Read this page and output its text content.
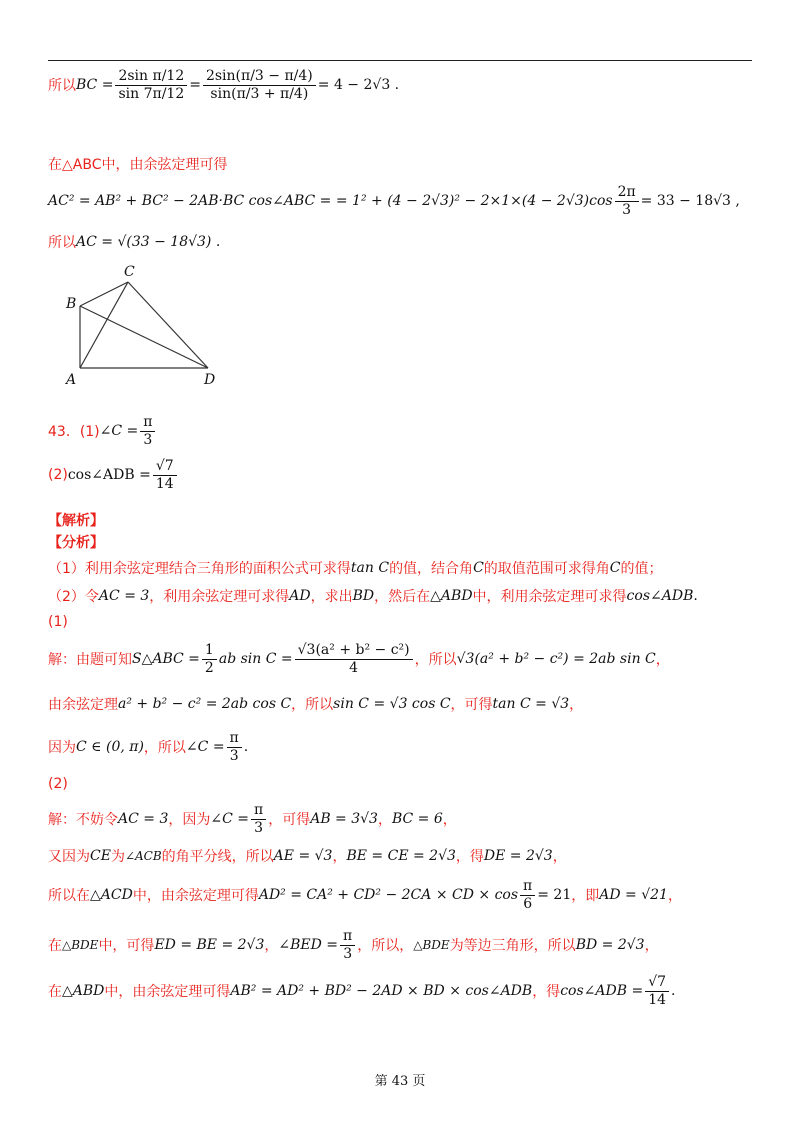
所以 BC = $\frac{\text{2sin π/12}}{\sin 7\pi/12} = \frac{2\sin(\pi/3 - \pi/4)}{\sin(\pi/3 + \pi/4)} = 4 - 2√3$ .
在△ABC中，由余弦定理可得
AC² = AB² + BC² − 2AB·BC cos∠ABC = = $1^2 + (4 - 2√3)^2 - 2\times 1\times(4 - 2√3)\cos \frac{2\pi}{3} = 33 - 18√3$ ,
所以 AC = √(33 − 18√3) .
C
B
A	D
43．(1) ∠C = $\frac{\pi}{3}$
(2) cos∠ADB = $\frac{√7}{14}$
【解析】
【分析】
（1）利用余弦定理结合三角形的面积公式可求得 tan C 的值，结合角 C 的取值范围可求得角 C 的值；
（2）令 AC = 3 ，利用余弦定理可求得 AD ，求出 BD ，然后在 △ABD 中，利用余弦定理可求得 cos∠ADB .
(1)
解：由题可知 S△ABC = $\frac{1}{2}$ ab $\sin C = \frac{\text{√3(a² + b² − c²)}}{4}$ ，所以 √3(a² + b² − c²) = 2ab sin C ，
由余弦定理 a² + b² − c² = 2ab cos C ，所以 sin C = √3 cos C ，可得 tan C = √3 ，
因为 C ∈ (0, π) ，所以 ∠C = $\frac{\pi}{3}$ .
(2)
解：不妨令 AC = 3 ，因为 ∠C = $\frac{\pi}{3}$ ，可得 AB = 3√3 ， BC = 6 ，
又因为 CE 为 ∠ACB 的角平分线，所以 AE = √3 ， BE = CE = 2√3 ，得 DE = 2√3 ，
所以在 △ACD 中，由余弦定理可得 AD² = CA² + CD² − 2CA × CD × $\cos \frac{\pi}{6} = 21$ ，即 AD = √21 ，
在 △BDE 中，可得 ED = BE = 2√3 ， ∠BED = $\frac{\pi}{3}$ ，所以， △BDE 为等边三角形，所以 BD = 2√3 ，
在 △ABD 中，由余弦定理可得 AB² = AD² + BD² − 2AD × BD × cos∠ADB ，得 cos∠ADB = $\frac{√7}{14}$ .
第 43 页
